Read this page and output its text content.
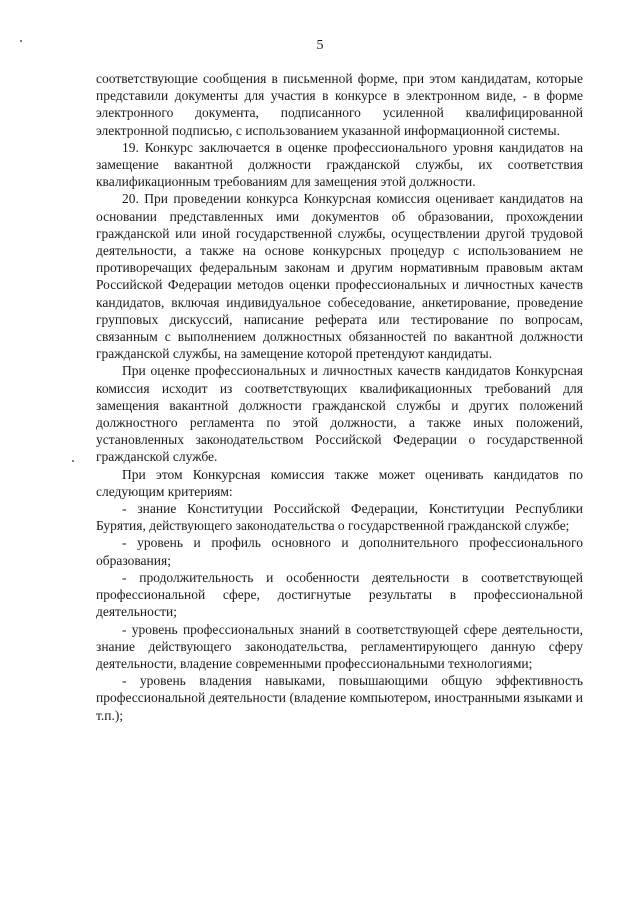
5

соответствующие сообщения в письменной форме, при этом кандидатам, которые представили документы для участия в конкурсе в электронном виде, - в форме электронного документа, подписанного усиленной квалифицированной электронной подписью, с использованием указанной информационной системы.

19. Конкурс заключается в оценке профессионального уровня кандидатов на замещение вакантной должности гражданской службы, их соответствия квалификационным требованиям для замещения этой должности.

20. При проведении конкурса Конкурсная комиссия оценивает кандидатов на основании представленных ими документов об образовании, прохождении гражданской или иной государственной службы, осуществлении другой трудовой деятельности, а также на основе конкурсных процедур с использованием не противоречащих федеральным законам и другим нормативным правовым актам Российской Федерации методов оценки профессиональных и личностных качеств кандидатов, включая индивидуальное собеседование, анкетирование, проведение групповых дискуссий, написание реферата или тестирование по вопросам, связанным с выполнением должностных обязанностей по вакантной должности гражданской службы, на замещение которой претендуют кандидаты.

При оценке профессиональных и личностных качеств кандидатов Конкурсная комиссия исходит из соответствующих квалификационных требований для замещения вакантной должности гражданской службы и других положений должностного регламента по этой должности, а также иных положений, установленных законодательством Российской Федерации о государственной гражданской службе.

При этом Конкурсная комиссия также может оценивать кандидатов по следующим критериям:

- знание Конституции Российской Федерации, Конституции Республики Бурятия, действующего законодательства о государственной гражданской службе;

- уровень и профиль основного и дополнительного профессионального образования;

- продолжительность и особенности деятельности в соответствующей профессиональной сфере, достигнутые результаты в профессиональной деятельности;

- уровень профессиональных знаний в соответствующей сфере деятельности, знание действующего законодательства, регламентирующего данную сферу деятельности, владение современными профессиональными технологиями;

- уровень владения навыками, повышающими общую эффективность профессиональной деятельности (владение компьютером, иностранными языками и т.п.);
